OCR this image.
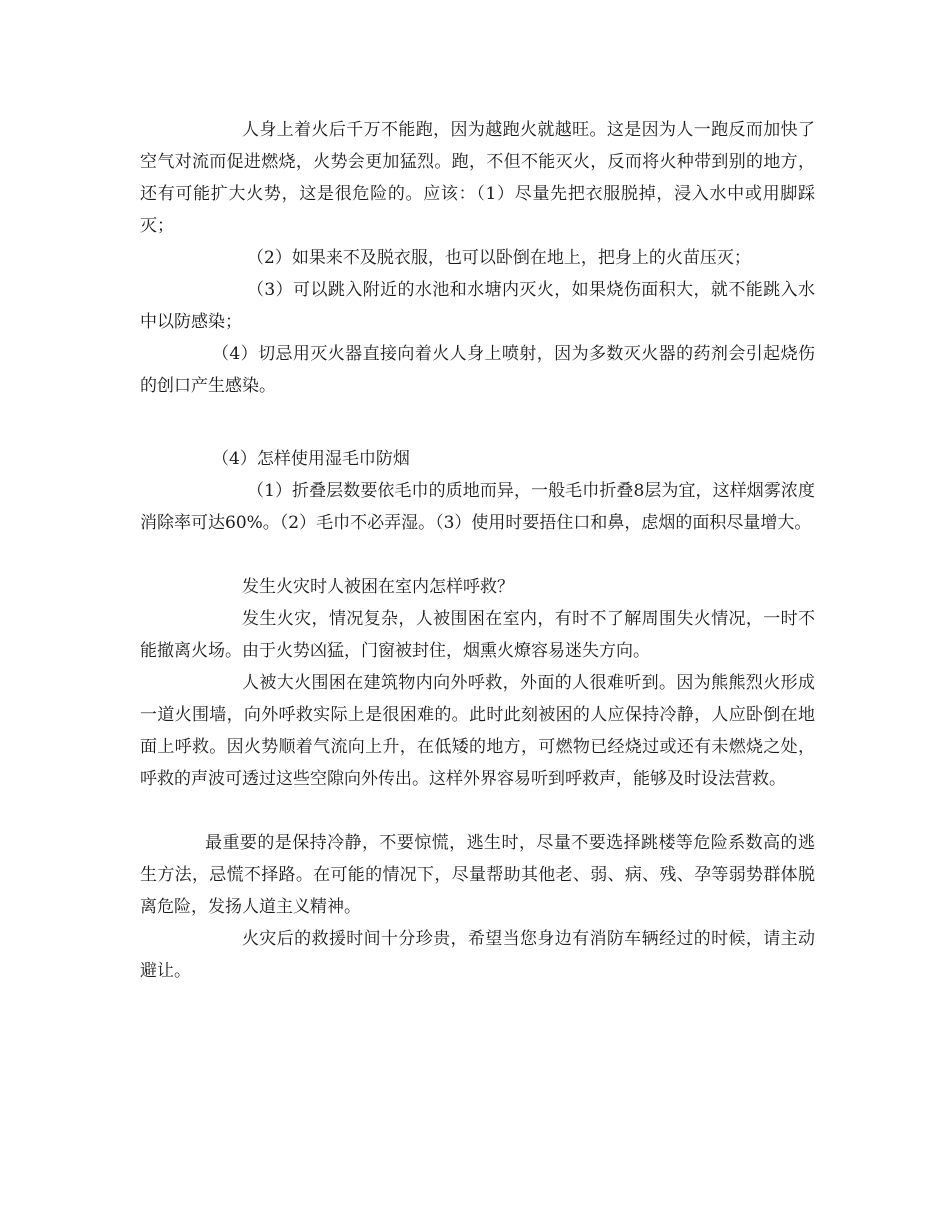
人身上着火后千万不能跑，因为越跑火就越旺。这是因为人一跑反而加快了空气对流而促进燃烧，火势会更加猛烈。跑，不但不能灭火，反而将火种带到别的地方，还有可能扩大火势，这是很危险的。应该：（1）尽量先把衣服脱掉，浸入水中或用脚踩灭；

（2）如果来不及脱衣服，也可以卧倒在地上，把身上的火苗压灭；

（3）可以跳入附近的水池和水塘内灭火，如果烧伤面积大，就不能跳入水中以防感染；

（4）切忌用灭火器直接向着火人身上喷射，因为多数灭火器的药剂会引起烧伤的创口产生感染。

（4）怎样使用湿毛巾防烟

（1）折叠层数要依毛巾的质地而异，一般毛巾折叠8层为宜，这样烟雾浓度消除率可达60%。（2）毛巾不必弄湿。（3）使用时要捂住口和鼻，虑烟的面积尽量增大。

发生火灾时人被困在室内怎样呼救？

发生火灾，情况复杂，人被围困在室内，有时不了解周围失火情况，一时不能撤离火场。由于火势凶猛，门窗被封住，烟熏火燎容易迷失方向。

人被大火围困在建筑物内向外呼救，外面的人很难听到。因为熊熊烈火形成一道火围墙，向外呼救实际上是很困难的。此时此刻被困的人应保持冷静，人应卧倒在地面上呼救。因火势顺着气流向上升，在低矮的地方，可燃物已经烧过或还有未燃烧之处，呼救的声波可透过这些空隙向外传出。这样外界容易听到呼救声，能够及时设法营救。

最重要的是保持冷静，不要惊慌，逃生时，尽量不要选择跳楼等危险系数高的逃生方法，忌慌不择路。在可能的情况下，尽量帮助其他老、弱、病、残、孕等弱势群体脱离危险，发扬人道主义精神。

火灾后的救援时间十分珍贵，希望当您身边有消防车辆经过的时候，请主动避让。
